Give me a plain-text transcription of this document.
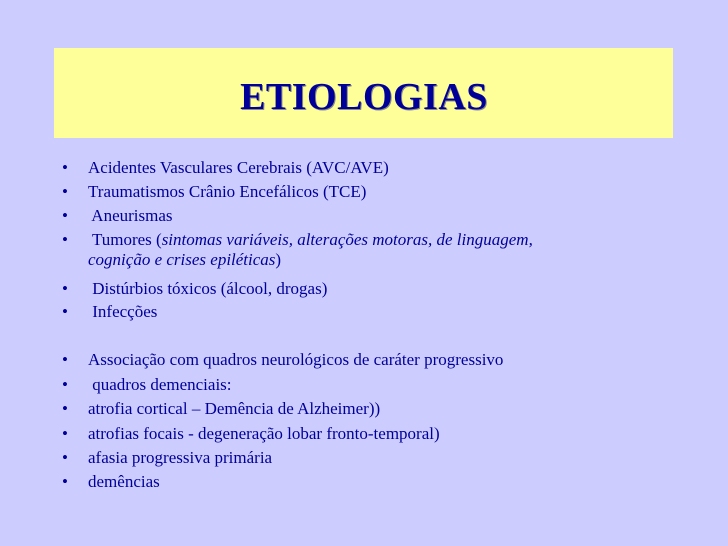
ETIOLOGIAS
•	Acidentes Vasculares Cerebrais (AVC/AVE)
•	Traumatismos Crânio Encefálicos (TCE)
•	Aneurismas
•	Tumores (sintomas variáveis, alterações motoras, de linguagem,
cognição e crises epiléticas)
•	Distúrbios tóxicos (álcool, drogas)
•	Infecções
•	Associação com quadros neurológicos de caráter progressivo
•	quadros demenciais:
•	atrofia cortical – Demência de Alzheimer))
•	atrofias focais - degeneração lobar fronto-temporal)
•	afasia progressiva primária
•	demências
